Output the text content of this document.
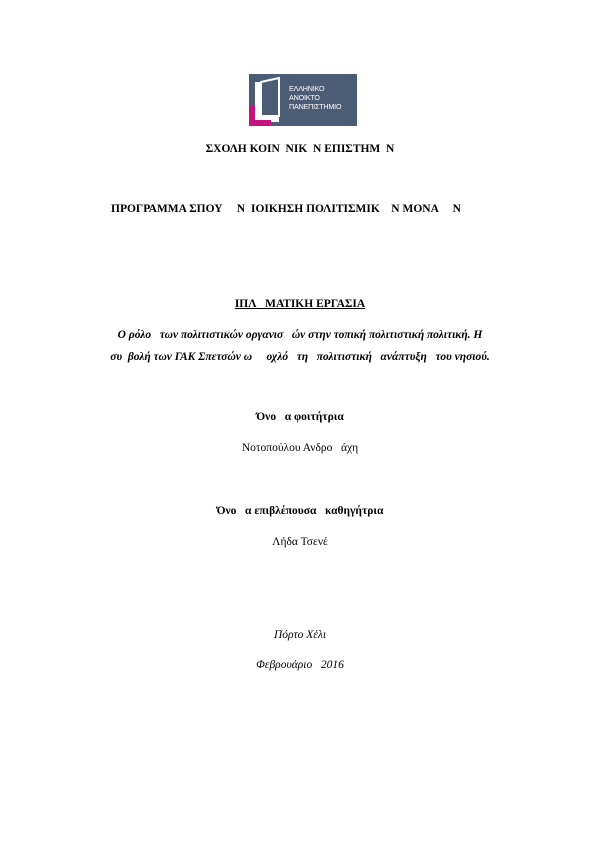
ΕΛΛΗΝΙΚΟ
ΑΝΟΙΚΤΟ
ΠΑΝΕΠΙΣΤΗΜΙΟ
ΣΧΟΛΗ ΚΟΙΝ  ΝΙΚ  Ν ΕΠΙΣΤΗΜ  Ν
ΠΡΟΓΡΑΜΜΑ ΣΠΟΥ     Ν  ΙΟΙΚΗΣΗ ΠΟΛΙΤΙΣΜΙΚ    Ν ΜΟΝΑ     Ν
ΙΠΛ   ΜΑΤΙΚΗ ΕΡΓΑΣΙΑ
Ο ρόλο   των πολιτιστικών οργανισ   ών στην τοπική πολιτιστική πολιτική. Η
συ  βολή των ΓΑΚ Σπετσών ω     οχλό   τη   πολιτιστική   ανάπτυξη   του νησιού.
Όνο   α φοιτήτρια
Νοτοπούλου Ανδρο   άχη
Όνο   α επιβλέπουσα   καθηγήτρια
Λήδα Τσενέ
Πόρτο Χέλι
Φεβρουάριο   2016
